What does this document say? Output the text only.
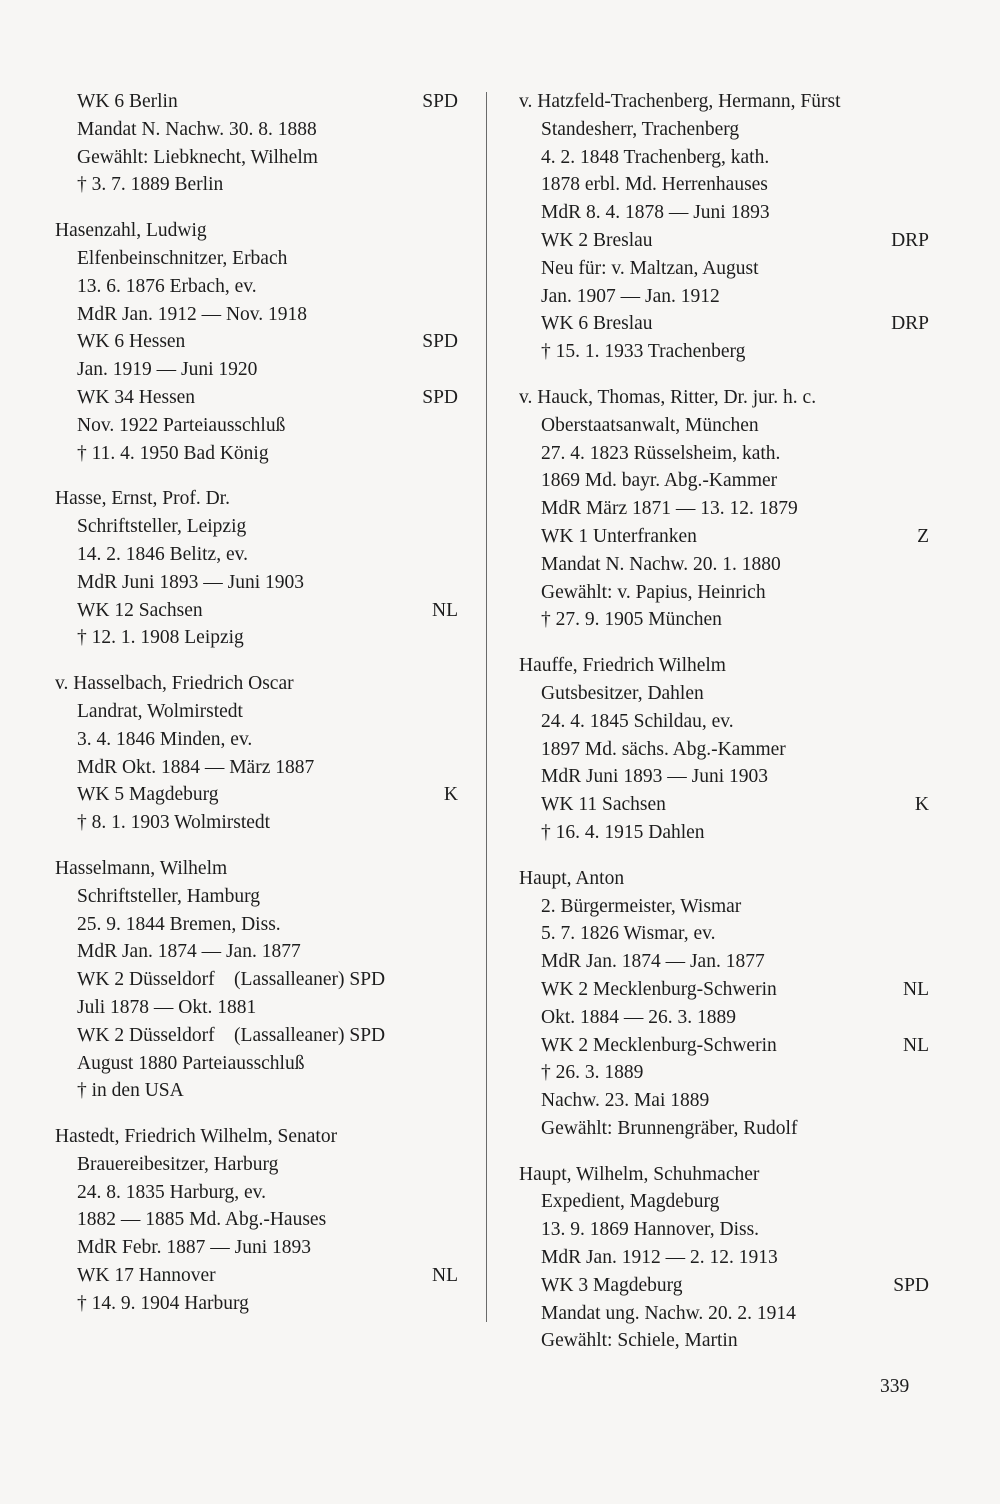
WK 6 Berlin	SPD
Mandat N. Nachw. 30. 8. 1888
Gewählt: Liebknecht, Wilhelm
† 3. 7. 1889 Berlin
Hasenzahl, Ludwig
Elfenbeinschnitzer, Erbach
13. 6. 1876 Erbach, ev.
MdR Jan. 1912 — Nov. 1918
WK 6 Hessen	SPD
Jan. 1919 — Juni 1920
WK 34 Hessen	SPD
Nov. 1922 Parteiausschluß
† 11. 4. 1950 Bad König
Hasse, Ernst, Prof. Dr.
Schriftsteller, Leipzig
14. 2. 1846 Belitz, ev.
MdR Juni 1893 — Juni 1903
WK 12 Sachsen	NL
† 12. 1. 1908 Leipzig
v. Hasselbach, Friedrich Oscar
Landrat, Wolmirstedt
3. 4. 1846 Minden, ev.
MdR Okt. 1884 — März 1887
WK 5 Magdeburg	K
† 8. 1. 1903 Wolmirstedt
Hasselmann, Wilhelm
Schriftsteller, Hamburg
25. 9. 1844 Bremen, Diss.
MdR Jan. 1874 — Jan. 1877
WK 2 Düsseldorf    (Lassalleaner) SPD
Juli 1878 — Okt. 1881
WK 2 Düsseldorf    (Lassalleaner) SPD
August 1880 Parteiausschluß
† in den USA
Hastedt, Friedrich Wilhelm, Senator
Brauereibesitzer, Harburg
24. 8. 1835 Harburg, ev.
1882 — 1885 Md. Abg.-Hauses
MdR Febr. 1887 — Juni 1893
WK 17 Hannover	NL
† 14. 9. 1904 Harburg
v. Hatzfeld-Trachenberg, Hermann, Fürst
Standesherr, Trachenberg
4. 2. 1848 Trachenberg, kath.
1878 erbl. Md. Herrenhauses
MdR 8. 4. 1878 — Juni 1893
WK 2 Breslau	DRP
Neu für: v. Maltzan, August
Jan. 1907 — Jan. 1912
WK 6 Breslau	DRP
† 15. 1. 1933 Trachenberg
v. Hauck, Thomas, Ritter, Dr. jur. h. c.
Oberstaatsanwalt, München
27. 4. 1823 Rüsselsheim, kath.
1869 Md. bayr. Abg.-Kammer
MdR März 1871 — 13. 12. 1879
WK 1 Unterfranken	Z
Mandat N. Nachw. 20. 1. 1880
Gewählt: v. Papius, Heinrich
† 27. 9. 1905 München
Hauffe, Friedrich Wilhelm
Gutsbesitzer, Dahlen
24. 4. 1845 Schildau, ev.
1897 Md. sächs. Abg.-Kammer
MdR Juni 1893 — Juni 1903
WK 11 Sachsen	K
† 16. 4. 1915 Dahlen
Haupt, Anton
2. Bürgermeister, Wismar
5. 7. 1826 Wismar, ev.
MdR Jan. 1874 — Jan. 1877
WK 2 Mecklenburg-Schwerin	NL
Okt. 1884 — 26. 3. 1889
WK 2 Mecklenburg-Schwerin	NL
† 26. 3. 1889
Nachw. 23. Mai 1889
Gewählt: Brunnengräber, Rudolf
Haupt, Wilhelm, Schuhmacher
Expedient, Magdeburg
13. 9. 1869 Hannover, Diss.
MdR Jan. 1912 — 2. 12. 1913
WK 3 Magdeburg	SPD
Mandat ung. Nachw. 20. 2. 1914
Gewählt: Schiele, Martin
339
